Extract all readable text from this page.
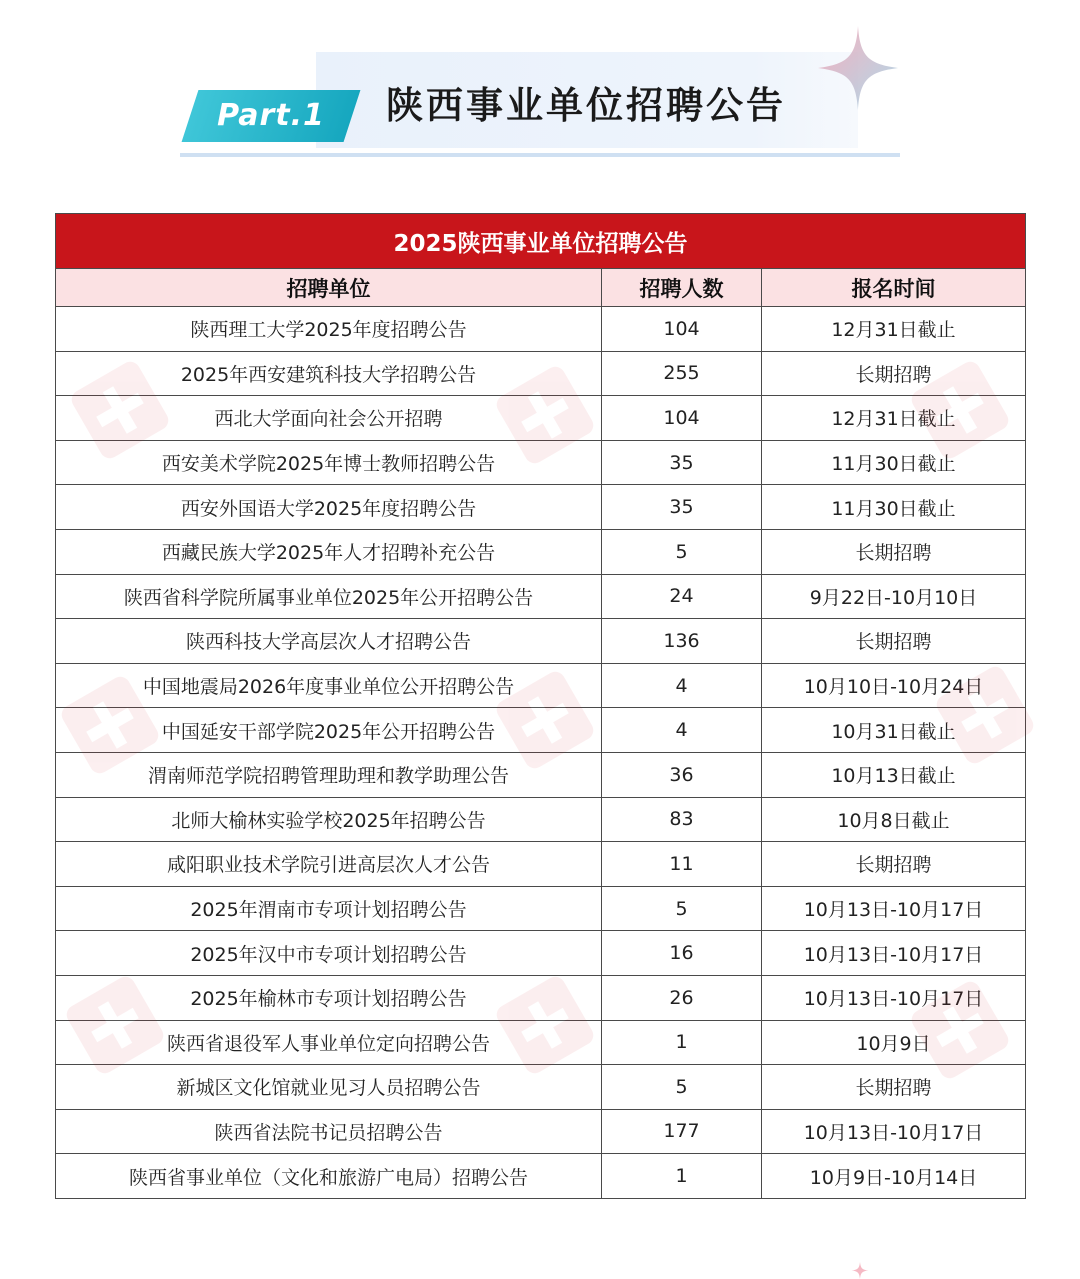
Part.1	陕西事业单位招聘公告
2025陕西事业单位招聘公告		
招聘单位	招聘人数	报名时间
陕西理工大学2025年度招聘公告	104	12月31日截止
2025年西安建筑科技大学招聘公告	255	长期招聘
西北大学面向社会公开招聘	104	12月31日截止
西安美术学院2025年博士教师招聘公告	35	11月30日截止
西安外国语大学2025年度招聘公告	35	11月30日截止
西藏民族大学2025年人才招聘补充公告	5	长期招聘
陕西省科学院所属事业单位2025年公开招聘公告	24	9月22日-10月10日
陕西科技大学高层次人才招聘公告	136	长期招聘
中国地震局2026年度事业单位公开招聘公告	4	10月10日-10月24日
中国延安干部学院2025年公开招聘公告	4	10月31日截止
渭南师范学院招聘管理助理和教学助理公告	36	10月13日截止
北师大榆林实验学校2025年招聘公告	83	10月8日截止
咸阳职业技术学院引进高层次人才公告	11	长期招聘
2025年渭南市专项计划招聘公告	5	10月13日-10月17日
2025年汉中市专项计划招聘公告	16	10月13日-10月17日
2025年榆林市专项计划招聘公告	26	10月13日-10月17日
陕西省退役军人事业单位定向招聘公告	1	10月9日
新城区文化馆就业见习人员招聘公告	5	长期招聘
陕西省法院书记员招聘公告	177	10月13日-10月17日
陕西省事业单位（文化和旅游广电局）招聘公告	1	10月9日-10月14日
